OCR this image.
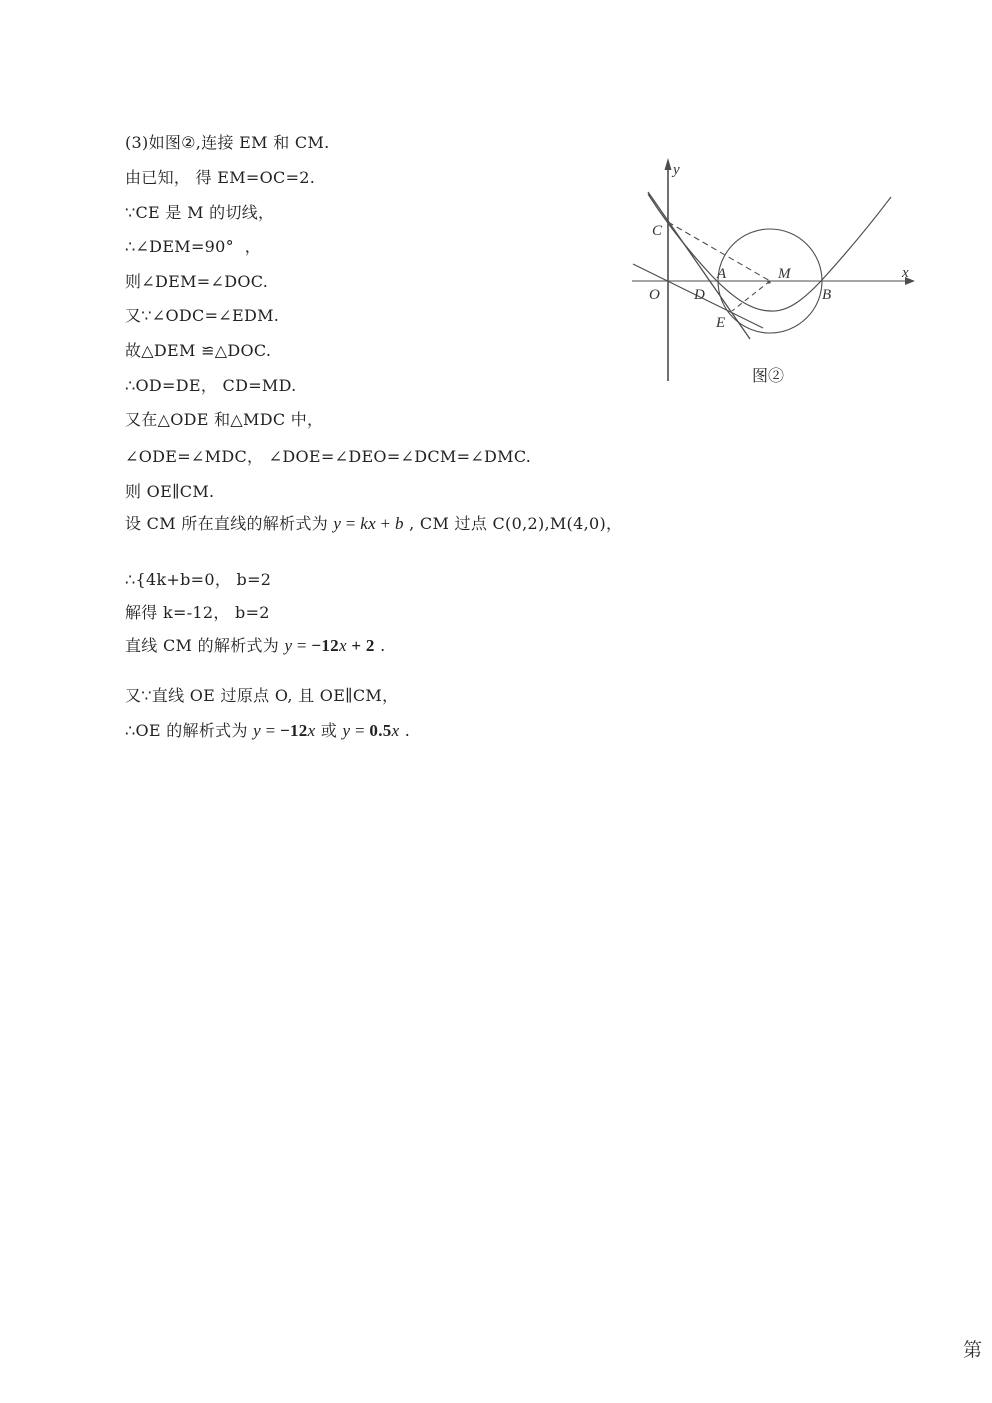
(3)如图②,连接 EM 和 CM.
由已知， 得 EM=OC=2.
∵CE 是 M 的切线，
∴∠DEM=90°  ，
则∠DEM=∠DOC.
又∵∠ODC=∠EDM.
故△DEM ≌△DOC.
∴OD=DE， CD=MD.
又在△ODE 和△MDC 中，
∠ODE=∠MDC， ∠DOE=∠DEO=∠DCM=∠DMC.
则 OE∥CM.
设 CM 所在直线的解析式为 y = kx + b , CM 过点 C(0,2),M(4,0)，
∴{4k+b=0， b=2
解得 k=-12， b=2
直线 CM 的解析式为 y = −12x + 2 .
又∵直线 OE 过原点 O, 且 OE∥CM，
∴OE 的解析式为 y = −12x 或 y = 0.5x .
y
x
O
C
D
A	M
B
E
图②
第
